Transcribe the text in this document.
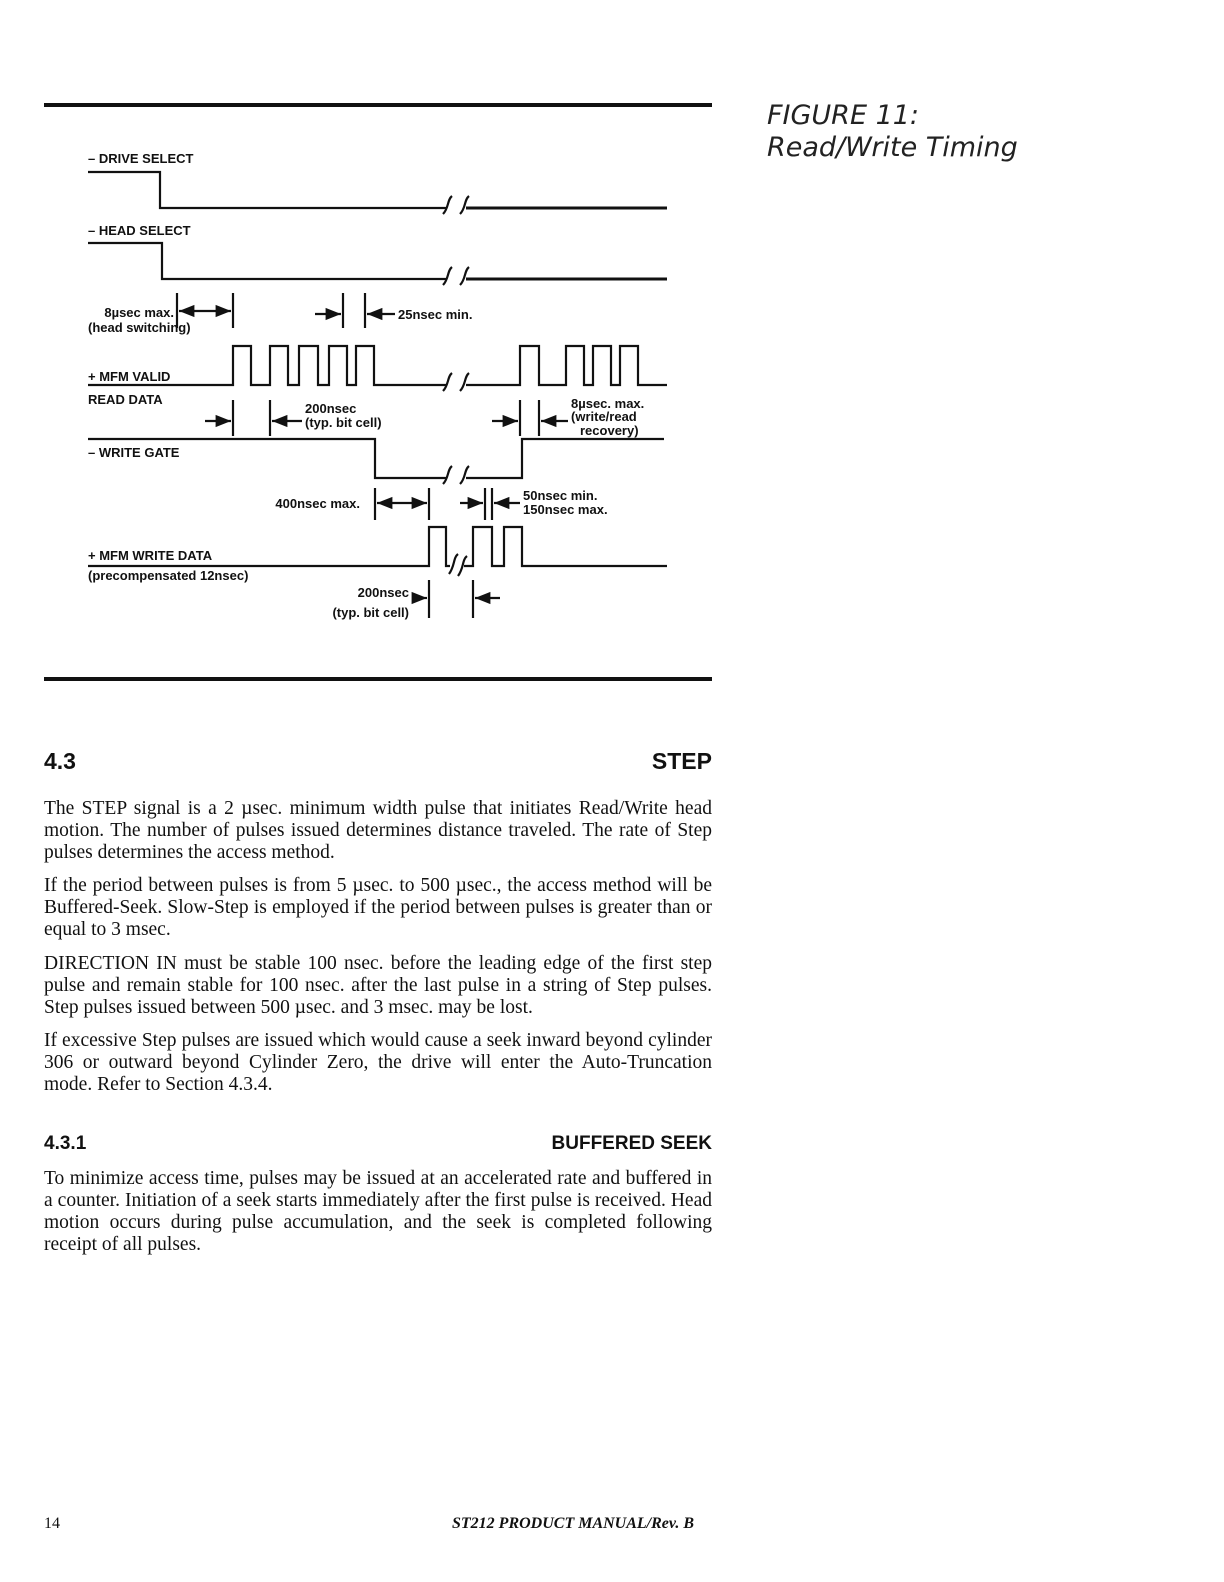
FIGURE 11:
Read/Write Timing
– DRIVE SELECT
– HEAD SELECT
8µsec max.
(head switching)
25nsec min.
+ MFM VALID
READ DATA
200nsec
(typ. bit cell)
8µsec. max.
(write/read
recovery)
– WRITE GATE
400nsec max.
50nsec min.
150nsec max.
+ MFM WRITE DATA
(precompensated 12nsec)
200nsec
(typ. bit cell)
4.3	STEP

The STEP signal is a 2 µsec. minimum width pulse that initiates Read/Write head motion. The number of pulses issued determines distance traveled. The rate of Step pulses determines the access method.

If the period between pulses is from 5 µsec. to 500 µsec., the access method will be Buffered-Seek. Slow-Step is employed if the period between pulses is greater than or equal to 3 msec.

DIRECTION IN must be stable 100 nsec. before the leading edge of the first step pulse and remain stable for 100 nsec. after the last pulse in a string of Step pulses. Step pulses issued between 500 µsec. and 3 msec. may be lost.

If excessive Step pulses are issued which would cause a seek inward beyond cylinder 306 or outward beyond Cylinder Zero, the drive will enter the Auto-Truncation mode. Refer to Section 4.3.4.

4.3.1	BUFFERED SEEK

To minimize access time, pulses may be issued at an accelerated rate and buffered in a counter. Initiation of a seek starts immediately after the first pulse is received. Head motion occurs during pulse accumulation, and the seek is completed following receipt of all pulses.

14	ST212 PRODUCT MANUAL/Rev. B
